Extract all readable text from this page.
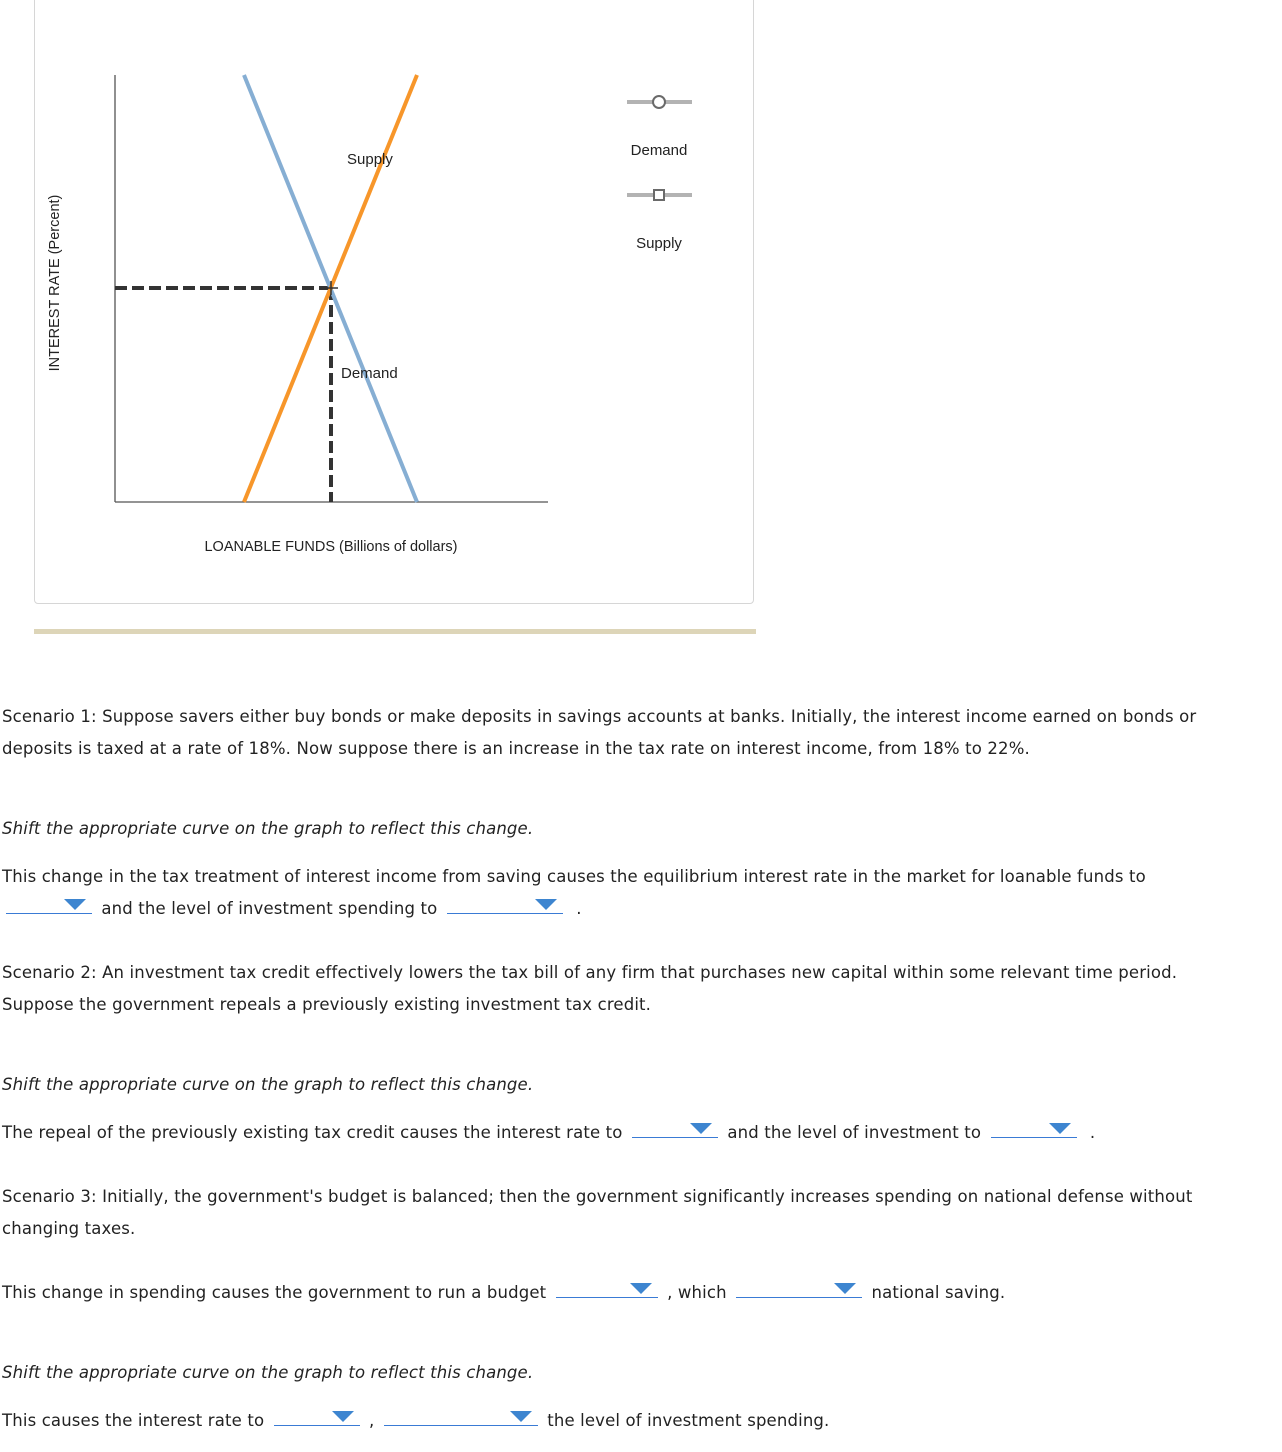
INTEREST RATE (Percent)
Supply
Demand
LOANABLE FUNDS (Billions of dollars)
Demand
Supply
Scenario 1: Suppose savers either buy bonds or make deposits in savings accounts at banks. Initially, the interest income earned on bonds or deposits is taxed at a rate of 18%. Now suppose there is an increase in the tax rate on interest income, from 18% to 22%.
Shift the appropriate curve on the graph to reflect this change.
This change in the tax treatment of interest income from saving causes the equilibrium interest rate in the market for loanable funds to
and the level of investment spending to	.
Scenario 2: An investment tax credit effectively lowers the tax bill of any firm that purchases new capital within some relevant time period. Suppose the government repeals a previously existing investment tax credit.
Shift the appropriate curve on the graph to reflect this change.
The repeal of the previously existing tax credit causes the interest rate to	and the level of investment to	.
Scenario 3: Initially, the government's budget is balanced; then the government significantly increases spending on national defense without changing taxes.
This change in spending causes the government to run a budget	, which	national saving.
Shift the appropriate curve on the graph to reflect this change.
This causes the interest rate to	,	the level of investment spending.
